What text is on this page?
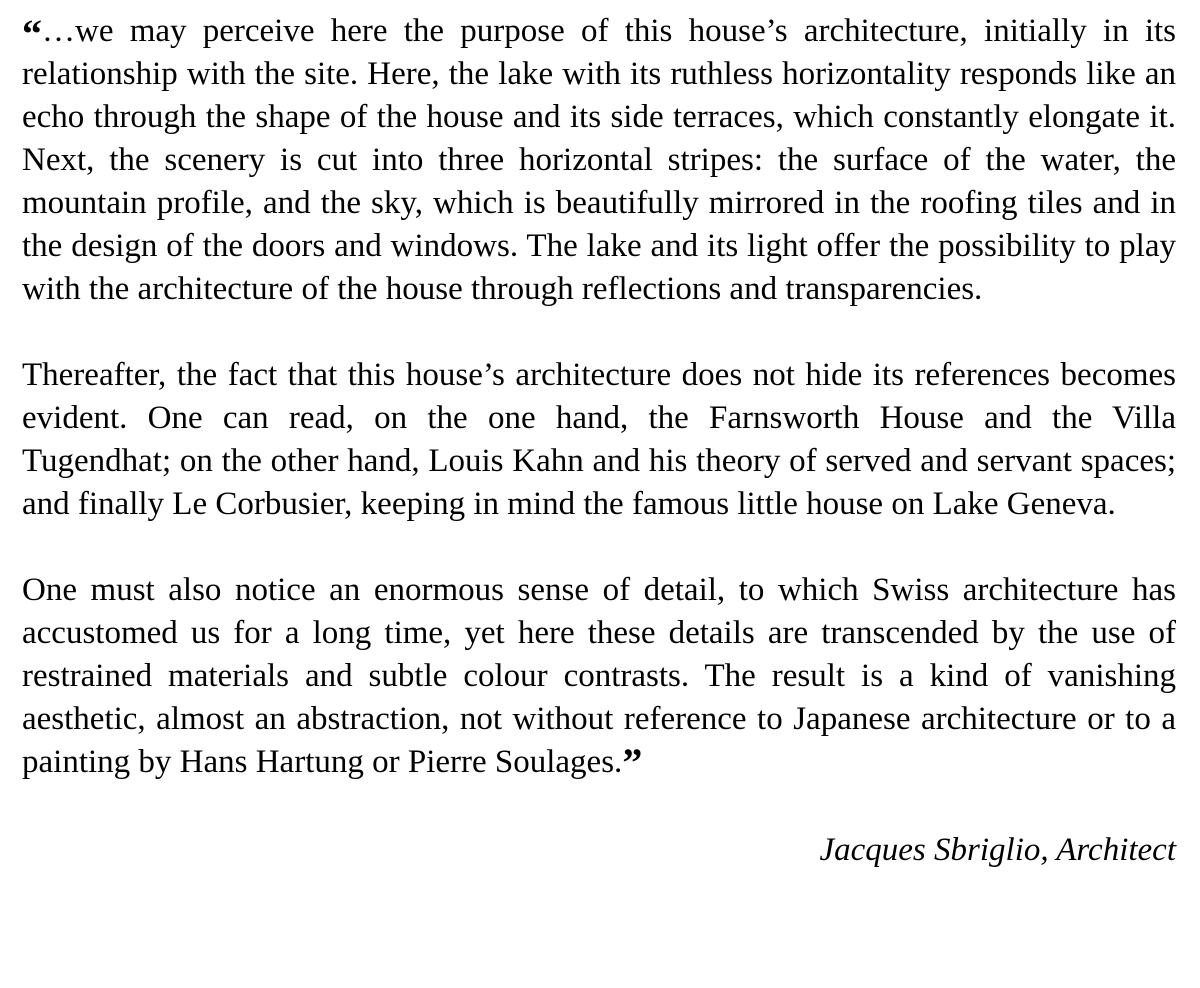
“…we may perceive here the purpose of this house’s architecture, initially in its relationship with the site. Here, the lake with its ruthless horizontality responds like an echo through the shape of the house and its side terraces, which constantly elongate it. Next, the scenery is cut into three horizontal stripes: the surface of the water, the mountain profile, and the sky, which is beautifully mirrored in the roofing tiles and in the design of the doors and windows. The lake and its light offer the possibility to play with the architecture of the house through reflections and transparencies.

Thereafter, the fact that this house’s architecture does not hide its references becomes evident. One can read, on the one hand, the Farnsworth House and the Villa Tugendhat; on the other hand, Louis Kahn and his theory of served and servant spaces; and finally Le Corbusier, keeping in mind the famous little house on Lake Geneva.

One must also notice an enormous sense of detail, to which Swiss architecture has accustomed us for a long time, yet here these details are transcended by the use of restrained materials and subtle colour contrasts. The result is a kind of vanishing aesthetic, almost an abstraction, not without reference to Japanese architecture or to a painting by Hans Hartung or Pierre Soulages.”

Jacques Sbriglio, Architect
